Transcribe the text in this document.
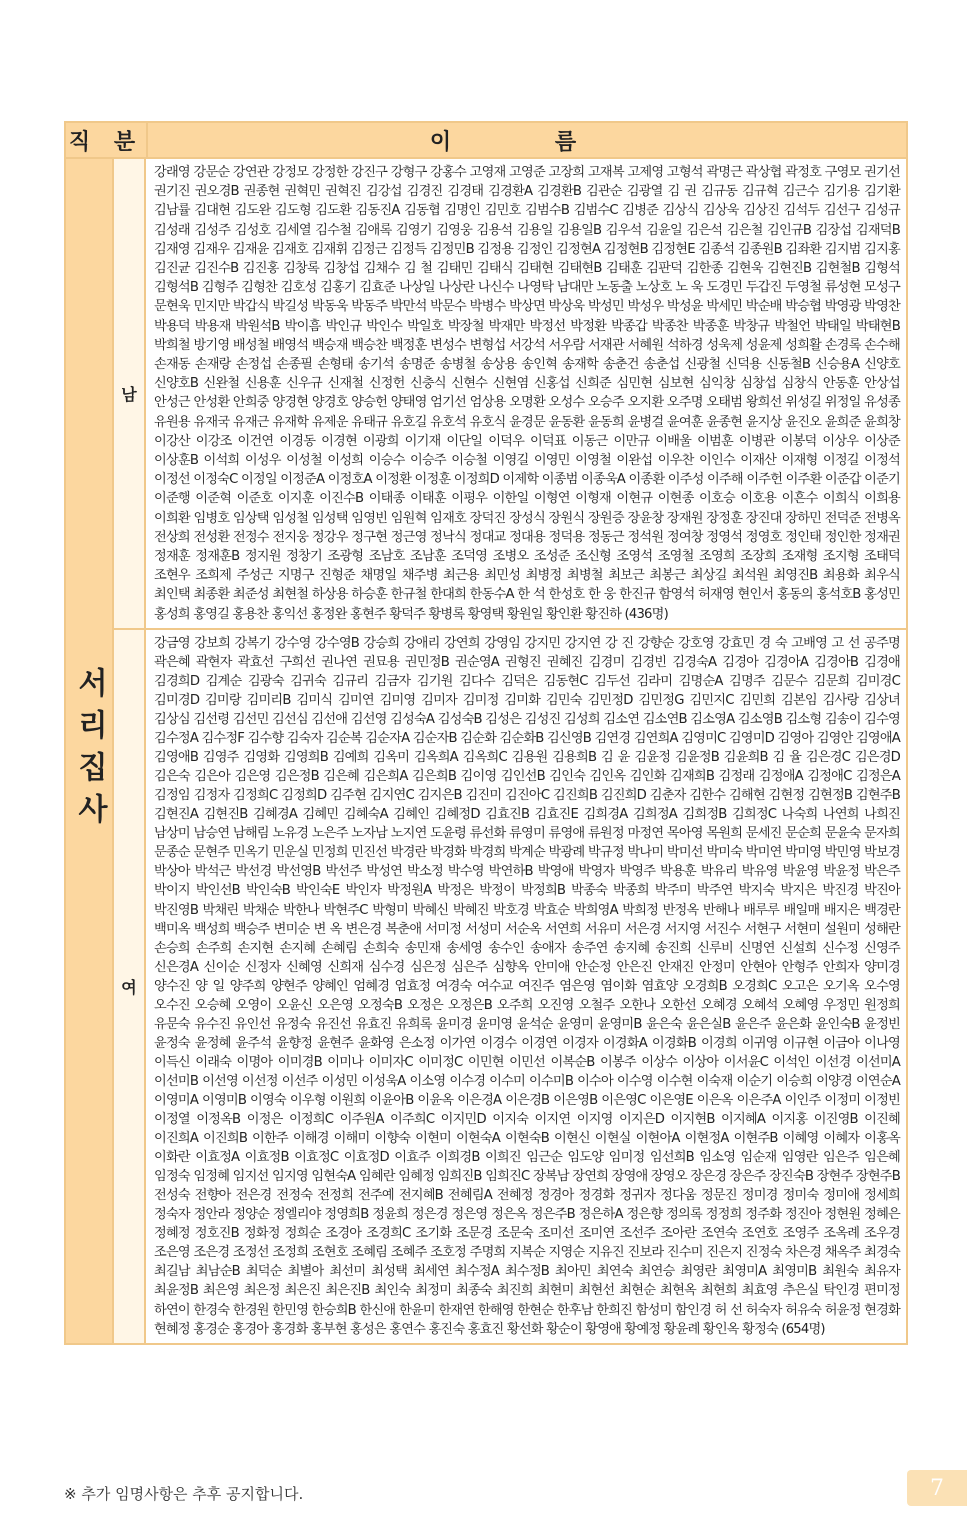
직 분	이 름
서리집사
남
강래영 강문순 강연관 강정모 강정한 강진구 강형구 강홍수 고영재 고영준 고장희 고재복 고제영 고형석 곽명근 곽상협 곽정호 구영모 권기선 권기진 권오경B 권종현 권혁민 권혁진 김강섭 김경진 김경태 김경환A 김경환B 김관순 김광열 김 권 김규동 김규혁 김근수 김기용 김기환 김남률 김대현 김도완 김도형 김도환 김동진A 김동협 김명인 김민호 김범수B 김범수C 김병준 김상식 김상욱 김상진 김석두 김선구 김성규 김성래 김성주 김성호 김세열 김수철 김애록 김영기 김영웅 김용석 김용일 김용일B 김우석 김윤일 김은석 김은철 김인규B 김장섭 김재덕B 김재영 김재우 김재윤 김재호 김재휘 김정근 김정득 김정민B 김정용 김정인 김정현A 김정현B 김정현E 김종석 김종원B 김좌환 김지범 김지홍 김진균 김진수B 김진홍 김창록 김창섭 김채수 김 철 김태민 김태식 김태현 김태현B 김태훈 김판덕 김한종 김현욱 김현진B 김현철B 김형석 김형석B 김형주 김형찬 김호성 김홍기 김효준 나상일 나상란 나신수 나영탁 남대만 노동출 노상호 노 욱 도경민 두갑진 두영철 류성현 모성구 문현욱 민지만 박갑식 박길성 박동욱 박동주 박만석 박문수 박병수 박상면 박상욱 박성민 박성우 박성윤 박세민 박순배 박승협 박영광 박영찬 박용덕 박용재 박원석B 박이흠 박인규 박인수 박일호 박장철 박재만 박정선 박정환 박종갑 박종찬 박종훈 박창규 박철언 박태일 박태현B 박희철 방기영 배성철 배영석 백승재 백승찬 백정훈 변성수 변형섭 서강석 서우람 서재관 서혜원 석하경 성욱제 성윤제 성희활 손경록 손수해 손재동 손재랑 손정섭 손종필 손형태 송기석 송명준 송병철 송상용 송인혁 송재학 송춘건 송춘섭 신광철 신덕용 신동철B 신승용A 신양호 신양호B 신완철 신용훈 신우규 신재철 신정헌 신충식 신현수 신현염 신홍섭 신희준 심민현 심보현 심익창 심창섭 심창식 안동훈 안상섭 안성근 안성환 안희중 양경현 양경호 양승헌 양태영 엄기선 엄상용 오명환 오성수 오승주 오지환 오주명 오태범 왕희선 위성길 위정일 유성종 유원용 유재국 유재근 유재학 유제운 유태규 유호길 유호석 유호식 윤경문 윤동환 윤동희 윤병걸 윤여훈 윤종현 윤지상 윤진오 윤희준 윤희창 이강산 이강조 이건연 이경동 이경현 이광희 이기재 이단일 이덕우 이덕표 이동근 이만규 이배울 이범훈 이병관 이봉덕 이상우 이상준 이상훈B 이석희 이성우 이성철 이성희 이승수 이승주 이승철 이영길 이영민 이영철 이완섭 이우찬 이인수 이재산 이재형 이정길 이정석 이정선 이정숙C 이정일 이정준A 이정호A 이정환 이정훈 이정희D 이제학 이종범 이종욱A 이종환 이주성 이주해 이주헌 이주환 이준갑 이준기 이준행 이준혁 이준호 이지훈 이진수B 이태종 이태훈 이평우 이한일 이형연 이형재 이현규 이현종 이호승 이호용 이흔수 이희식 이희용 이희환 임병호 임상택 임성철 임성택 임영빈 임원혁 임재호 장덕진 장성식 장원식 장원증 장윤창 장재원 장정훈 장진대 장하민 전덕준 전병옥 전상희 전성환 전정수 전지웅 정강우 정구현 정근영 정낙식 정대교 정대용 정덕용 정동근 정석원 정여창 정영석 정영호 정인태 정인한 정재권 정재훈 정재훈B 정지원 정창기 조광형 조남호 조남훈 조덕영 조병오 조성준 조신형 조영석 조영철 조영희 조장희 조재형 조지형 조태덕 조현우 조희제 주성근 지명구 진형준 채명일 채주병 최근용 최민성 최병정 최병철 최보근 최봉근 최상길 최석원 최영진B 최용화 최우식 최인택 최종환 최준성 최현철 하상용 하승훈 한규철 한대희 한동수A 한 석 한성호 한 웅 한진규 함영석 허재영 현인서 홍동의 홍석호B 홍성민 홍성희 홍영길 홍용찬 홍익선 홍정완 홍현주 황덕주 황병록 황영택 황원일 황인환 황진하 (436명)
여
강금영 강보희 강복기 강수영 강수영B 강승희 강애리 강연희 강영임 강지민 강지연 강 진 강향순 강호영 강효민 경 숙 고배영 고 선 공주명 곽은혜 곽현자 곽효선 구희선 권나연 권묘용 권민정B 권순영A 권형진 권혜진 김경미 김경빈 김경숙A 김경아 김경아A 김경아B 김경애 김경희D 김계순 김광숙 김귀숙 김규리 김금자 김기원 김다수 김덕은 김동현C 김두선 김라미 김명순A 김명주 김문수 김문희 김미경C 김미경D 김미랑 김미리B 김미식 김미연 김미영 김미자 김미정 김미화 김민숙 김민정D 김민정G 김민지C 김민희 김본임 김사랑 김상녀 김상심 김선령 김선민 김선심 김선애 김선영 김성숙A 김성숙B 김성은 김성진 김성희 김소연 김소연B 김소영A 김소영B 김소형 김송이 김수영 김수정A 김수정F 김수향 김숙자 김순복 김순자A 김순자B 김순화 김순화B 김신영B 김연경 김연희A 김영미C 김영미D 김영아 김영안 김영애A 김영애B 김영주 김영화 김영희B 김예희 김옥미 김옥희A 김옥희C 김용원 김용희B 김 윤 김윤정 김윤정B 김윤희B 김 율 김은경C 김은경D 김은숙 김은아 김은영 김은정B 김은혜 김은희A 김은희B 김이영 김인선B 김인숙 김인옥 김인화 김재희B 김정래 김정애A 김정애C 김정은A 김정임 김정자 김정희C 김정희D 김주현 김지연C 김지은B 김진미 김진아C 김진희B 김진희D 김춘자 김한수 김해현 김현정 김현정B 김현주B 김현진A 김현진B 김혜경A 김혜민 김혜숙A 김혜인 김혜정D 김효진B 김효진E 김희경A 김희정A 김희정B 김희정C 나숙희 나연희 나희진 남상미 남승연 남해림 노유경 노은주 노자남 노지연 도윤령 류선화 류영미 류영애 류원정 마정연 목아영 목원희 문세진 문순희 문윤숙 문자희 문종순 문현주 민옥기 민운실 민정희 민진선 박경란 박경화 박경희 박계순 박광례 박규정 박나미 박미선 박미숙 박미연 박미영 박민영 박보경 박상아 박석근 박선경 박선영B 박선주 박성연 박소정 박수영 박연하B 박영애 박영자 박영주 박용훈 박유리 박유영 박윤영 박윤정 박은주 박이지 박인선B 박인숙B 박인숙E 박인자 박정원A 박정은 박정이 박정희B 박종숙 박종희 박주미 박주연 박지숙 박지은 박진경 박진아 박진영B 박채린 박채순 박한나 박현주C 박형미 박혜신 박혜진 박호경 박효순 박희영A 박희정 반정옥 반해나 배루루 배일매 배지은 백경란 백미옥 백성희 백승주 변미순 변 옥 변은경 복춘애 서미정 서성미 서순옥 서연희 서유미 서은경 서지영 서진수 서현구 서현미 설원미 성해란 손승희 손주희 손지현 손지혜 손혜림 손희숙 송민재 송세영 송수인 송애자 송주연 송지혜 송진희 신루비 신명연 신설희 신수정 신영주 신은경A 신이순 신정자 신혜영 신희재 심수경 심은정 심은주 심향옥 안미애 안순정 안은진 안재진 안정미 안현아 안형주 안희자 양미경 양수진 양 일 양주희 양현주 양혜인 엄혜경 엄효정 여경숙 여수교 여진주 염은영 염이화 염효양 오경희B 오경희C 오고은 오기옥 오수영 오수진 오승혜 오영이 오윤신 오은영 오정숙B 오정은 오정은B 오주희 오진영 오철주 오한나 오한선 오혜경 오혜석 오혜영 우정민 원정희 유문숙 유수진 유인선 유정숙 유진선 유효진 유희록 윤미경 윤미영 윤석순 윤영미 윤영미B 윤은숙 윤은실B 윤은주 윤은화 윤인숙B 윤정빈 윤정숙 윤정혜 윤주석 윤향정 윤현주 윤화영 은소정 이가연 이경수 이경연 이경자 이경화A 이경화B 이경희 이귀영 이규현 이금아 이나영 이득신 이래숙 이명아 이미경B 이미나 이미자C 이미정C 이민현 이민선 이복순B 이봉주 이상수 이상아 이서윤C 이석인 이선경 이선미A 이선미B 이선영 이선정 이선주 이성민 이성욱A 이소영 이수경 이수미 이수미B 이수아 이수영 이수현 이숙재 이순기 이승희 이양경 이연순A 이영미A 이영미B 이영숙 이우형 이원희 이윤아B 이윤옥 이은경A 이은경B 이은영B 이은영C 이은영E 이은옥 이은주A 이인주 이정미 이정빈 이정열 이정옥B 이정은 이정희C 이주원A 이주희C 이지민D 이지숙 이지연 이지영 이지은D 이지현B 이지혜A 이지홍 이진영B 이진혜 이진희A 이진희B 이한주 이해경 이해미 이향숙 이현미 이현숙A 이현숙B 이현신 이현실 이현아A 이현정A 이현주B 이혜영 이혜자 이홍옥 이화란 이효정A 이효정B 이효정C 이효정D 이효주 이희경B 이희진 임근순 임도양 임미정 임선희B 임소영 임순재 임영란 임은주 임은혜 임정숙 임정혜 임지선 임지영 임현숙A 임혜란 임혜정 임희진B 임희진C 장복남 장연희 장영애 장영오 장은경 장은주 장진숙B 장현주 장현주B 전성숙 전향아 전은경 전정숙 전정희 전주예 전지혜B 전혜림A 전혜정 정경아 정경화 정귀자 정다움 정문진 정미경 정미숙 정미애 정세희 정숙자 정안라 정양순 정엘리야 정영희B 정윤희 정은경 정은영 정은옥 정은주B 정은하A 정은향 정의록 정정희 정주화 정진아 정현원 정혜은 정혜정 정호진B 정화정 정희순 조경아 조경희C 조기화 조문경 조문숙 조미선 조미연 조선주 조아란 조연숙 조연호 조영주 조옥례 조우경 조은영 조은경 조정선 조정희 조현호 조혜림 조혜주 조호정 주명희 지복순 지영순 지유진 진보라 진수미 진은지 진정숙 차은경 채옥주 최경숙 최길남 최남순B 최덕순 최별아 최선미 최성택 최세연 최수정A 최수정B 최아민 최연숙 최연승 최영란 최영미A 최영미B 최원숙 최유자 최윤정B 최은영 최은정 최은진 최은진B 최인숙 최정미 최종숙 최진희 최현미 최현선 최현순 최현옥 최현희 최효영 추은실 탁인경 편미정 하연이 한경숙 한경원 한민영 한승희B 한신애 한윤미 한재연 한해영 한현순 한후남 한희진 함성미 함인경 허 선 허숙자 허유숙 허윤정 현경화 현혜정 홍경순 홍경아 홍경화 홍부현 홍성은 홍연수 홍진숙 홍효진 황선화 황순이 황영애 황예정 황윤례 황인옥 황정숙 (654명)
※ 추가 임명사항은 추후 공지합니다.	7
